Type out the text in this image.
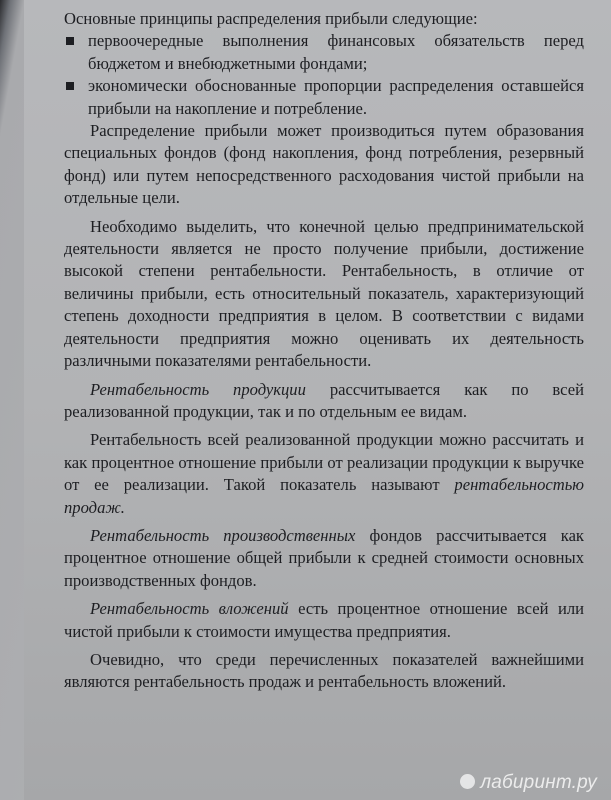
Основные принципы распределения прибыли следующие:

первоочередные выполнения финансовых обязательств перед бюджетом и внебюджетными фондами;

экономически обоснованные пропорции распределения оставшейся прибыли на накопление и потребление.

Распределение прибыли может производиться путем образования специальных фондов (фонд накопления, фонд потребления, резервный фонд) или путем непосредственного расходования чистой прибыли на отдельные цели.

Необходимо выделить, что конечной целью предпринимательской деятельности является не просто получение прибыли, достижение высокой степени рентабельности. Рентабельность, в отличие от величины прибыли, есть относительный показатель, характеризующий степень доходности предприятия в целом. В соответствии с видами деятельности предприятия можно оценивать их деятельность различными показателями рентабельности.

Рентабельность продукции рассчитывается как по всей реализованной продукции, так и по отдельным ее видам.

Рентабельность всей реализованной продукции можно рассчитать и как процентное отношение прибыли от реализации продукции к выручке от ее реализации. Такой показатель называют рентабельностью продаж.

Рентабельность производственных фондов рассчитывается как процентное отношение общей прибыли к средней стоимости основных производственных фондов.

Рентабельность вложений есть процентное отношение всей или чистой прибыли к стоимости имущества предприятия.

Очевидно, что среди перечисленных показателей важнейшими являются рентабельность продаж и рентабельность вложений.

лабиринт.ру
